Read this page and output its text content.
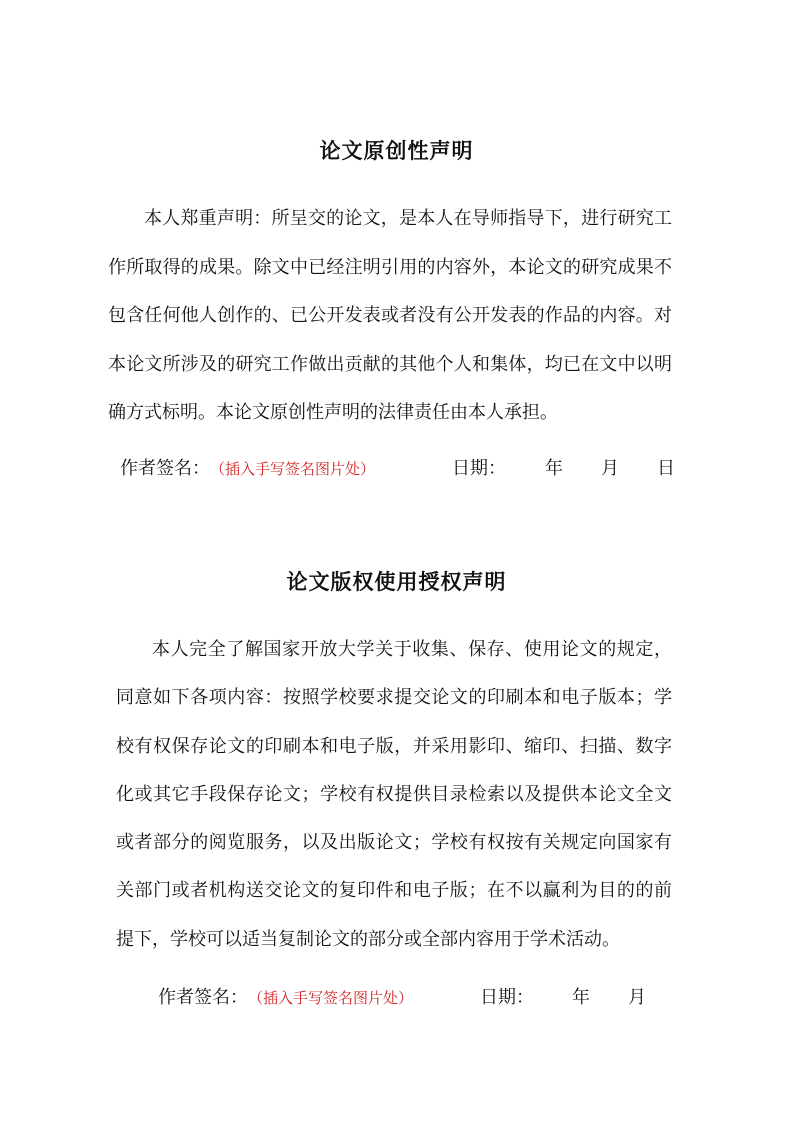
论文原创性声明
本人郑重声明：所呈交的论文，是本人在导师指导下，进行研究工作所取得的成果。除文中已经注明引用的内容外，本论文的研究成果不包含任何他人创作的、已公开发表或者没有公开发表的作品的内容。对本论文所涉及的研究工作做出贡献的其他个人和集体，均已在文中以明确方式标明。本论文原创性声明的法律责任由本人承担。
作者签名：（插入手写签名图片处）	日期： 年 月 日
论文版权使用授权声明
本人完全了解国家开放大学关于收集、保存、使用论文的规定，同意如下各项内容：按照学校要求提交论文的印刷本和电子版本；学校有权保存论文的印刷本和电子版，并采用影印、缩印、扫描、数字化或其它手段保存论文；学校有权提供目录检索以及提供本论文全文或者部分的阅览服务，以及出版论文；学校有权按有关规定向国家有关部门或者机构送交论文的复印件和电子版；在不以赢利为目的的前提下，学校可以适当复制论文的部分或全部内容用于学术活动。
作者签名：（插入手写签名图片处）	日期： 年 月
